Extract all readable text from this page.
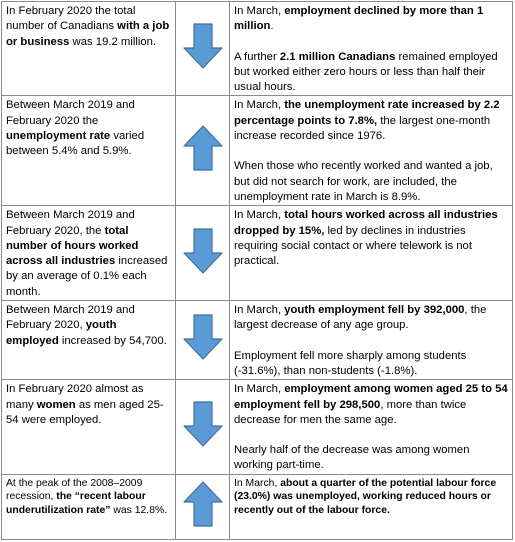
In February 2020 the total number of Canadians with a job or business was 19.2 million.		In March, employment declined by more than 1 million.

A further 2.1 million Canadians remained employed but worked either zero hours or less than half their usual hours.

Between March 2019 and February 2020 the unemployment rate varied between 5.4% and 5.9%.		In March, the unemployment rate increased by 2.2 percentage points to 7.8%, the largest one-month increase recorded since 1976.

When those who recently worked and wanted a job, but did not search for work, are included, the unemployment rate in March is 8.9%.

Between March 2019 and February 2020, the total number of hours worked across all industries increased by an average of 0.1% each month.		In March, total hours worked across all industries dropped by 15%, led by declines in industries requiring social contact or where telework is not practical.

Between March 2019 and February 2020, youth employed increased by 54,700.		In March, youth employment fell by 392,000, the largest decrease of any age group.

Employment fell more sharply among students (-31.6%), than non-students (-1.8%).

In February 2020 almost as many women as men aged 25-54 were employed.		In March, employment among women aged 25 to 54 employment fell by 298,500, more than twice decrease for men the same age.

Nearly half of the decrease was among women working part-time.

At the peak of the 2008–2009 recession, the “recent labour underutilization rate” was 12.8%.		In March, about a quarter of the potential labour force (23.0%) was unemployed, working reduced hours or recently out of the labour force.
